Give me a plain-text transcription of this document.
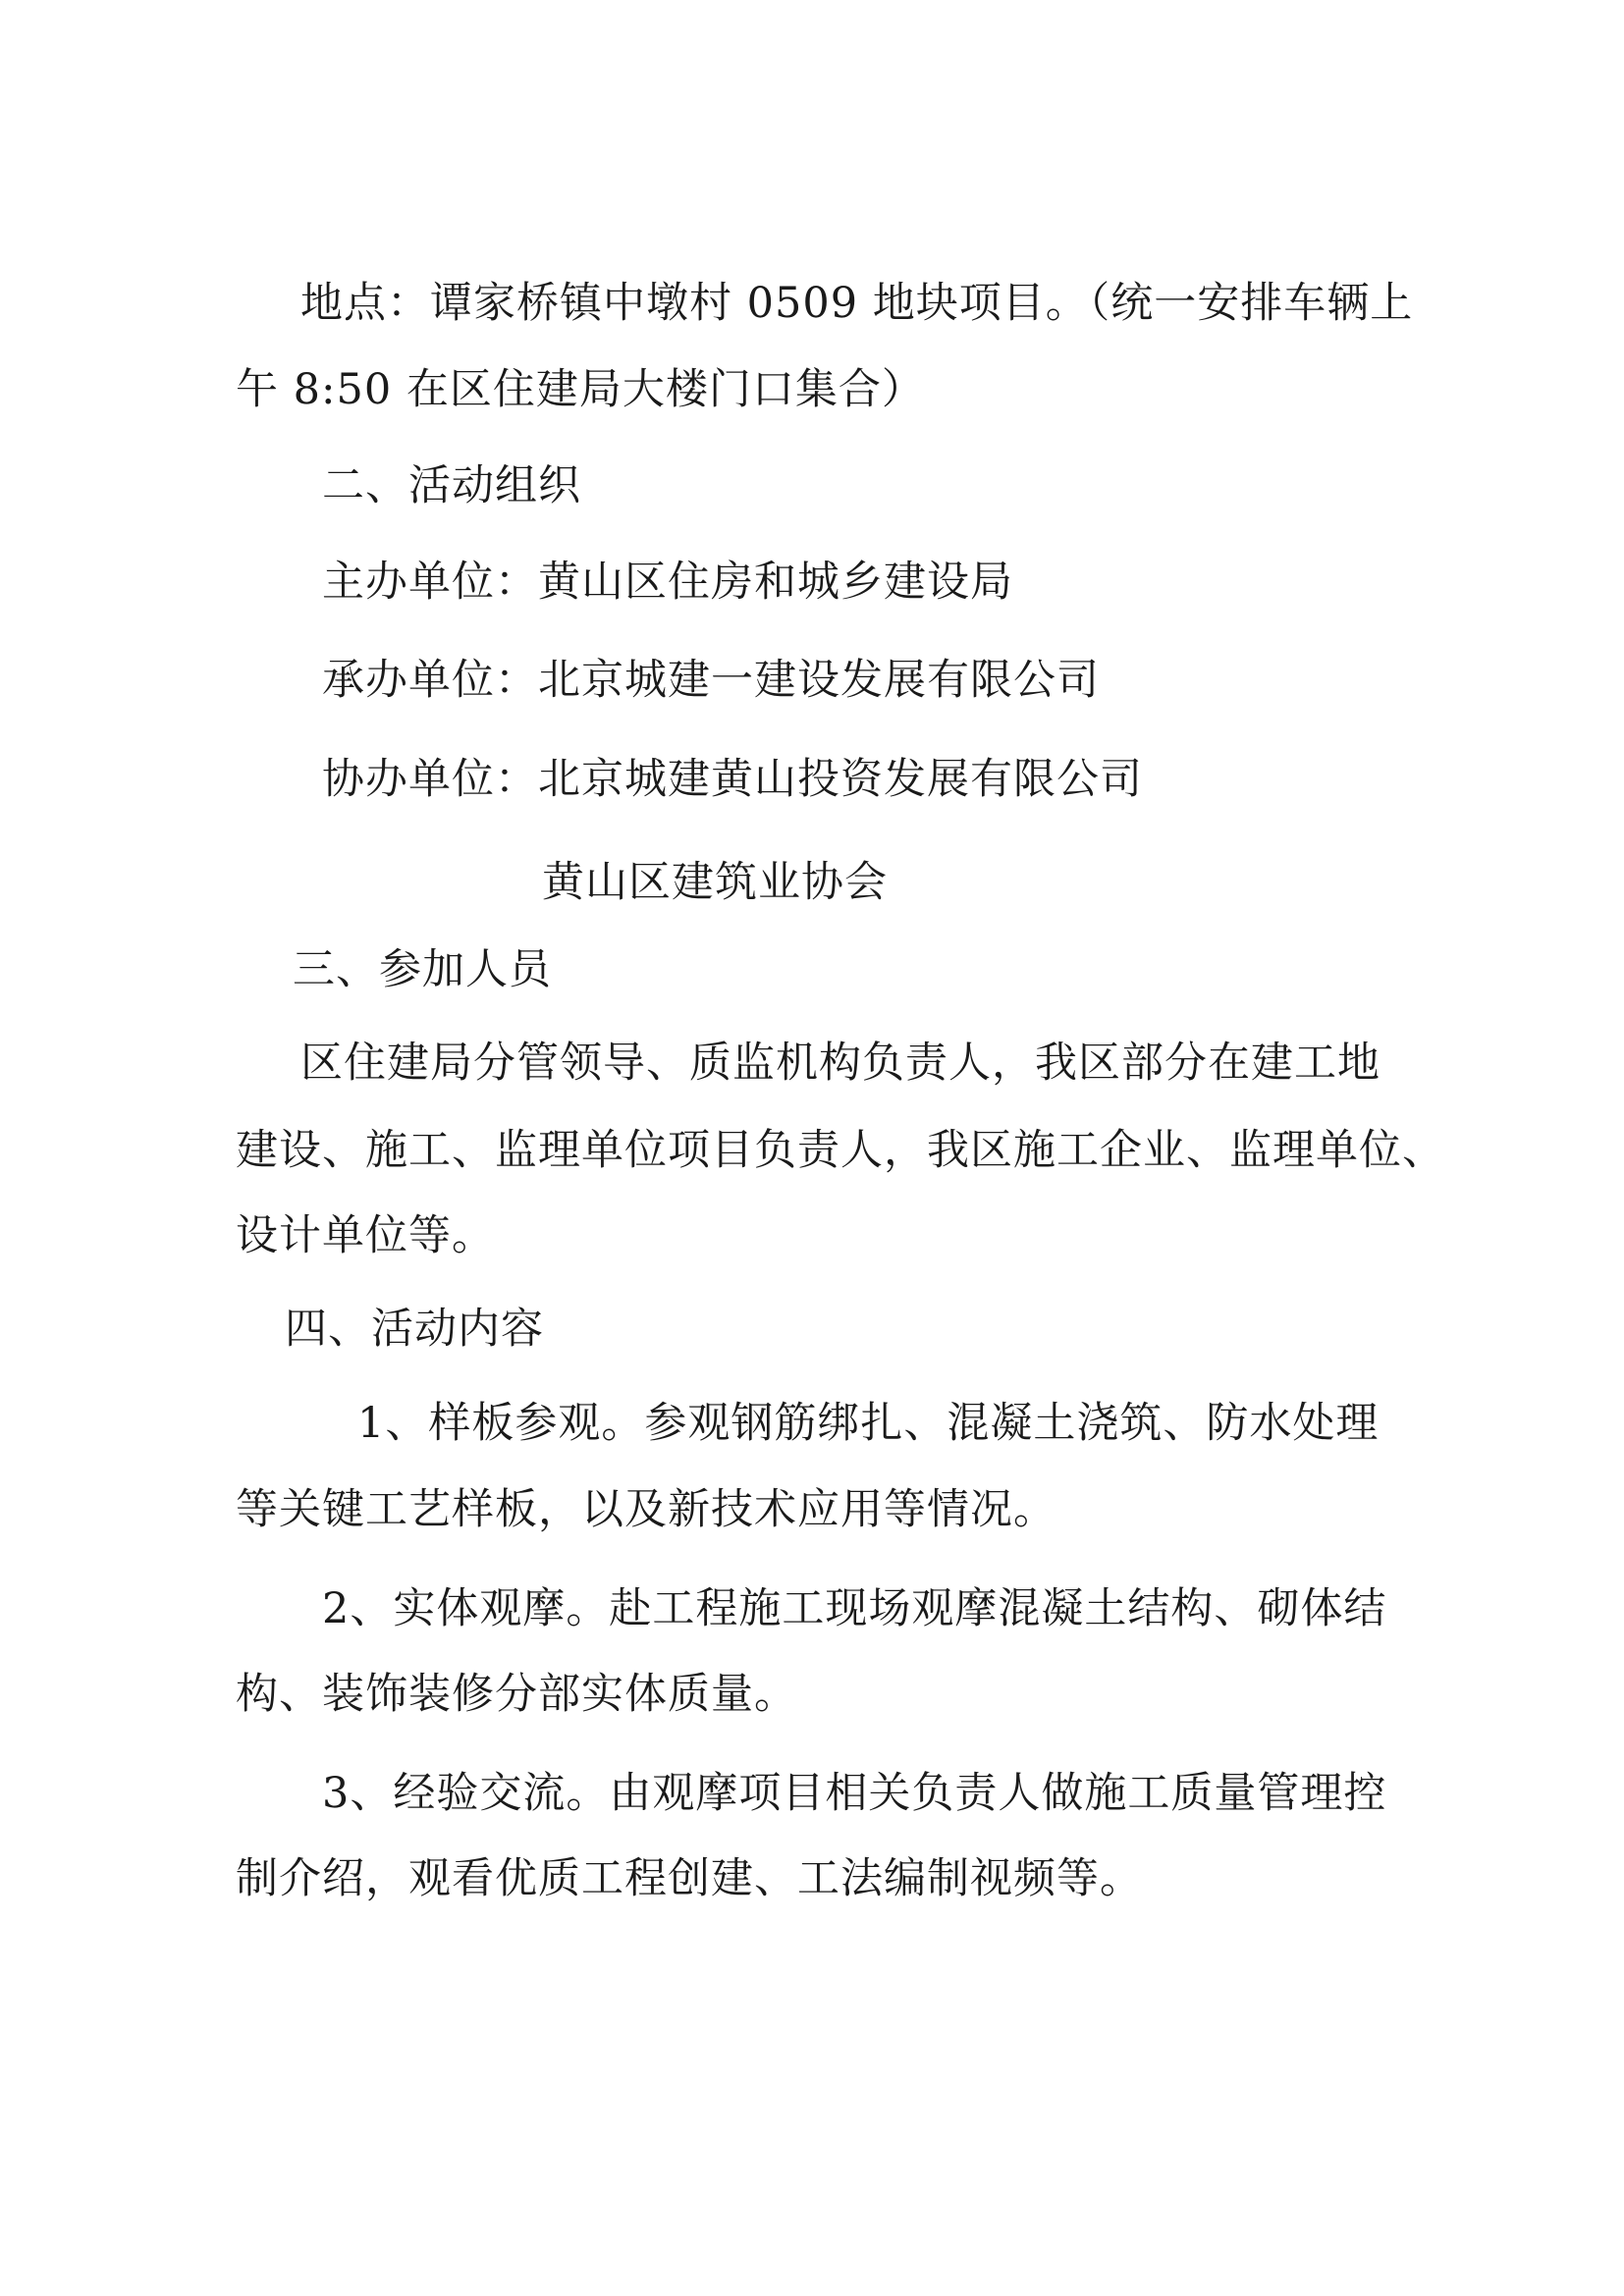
地点：谭家桥镇中墩村 0509 地块项目。（统一安排车辆上
午 8:50 在区住建局大楼门口集合）
二、活动组织
主办单位：黄山区住房和城乡建设局
承办单位：北京城建一建设发展有限公司
协办单位：北京城建黄山投资发展有限公司
黄山区建筑业协会
三、参加人员
区住建局分管领导、质监机构负责人，我区部分在建工地
建设、施工、监理单位项目负责人，我区施工企业、监理单位、
设计单位等。
四、活动内容
1、样板参观。参观钢筋绑扎、混凝土浇筑、防水处理
等关键工艺样板，以及新技术应用等情况。
2、实体观摩。赴工程施工现场观摩混凝土结构、砌体结
构、装饰装修分部实体质量。
3、经验交流。由观摩项目相关负责人做施工质量管理控
制介绍，观看优质工程创建、工法编制视频等。
